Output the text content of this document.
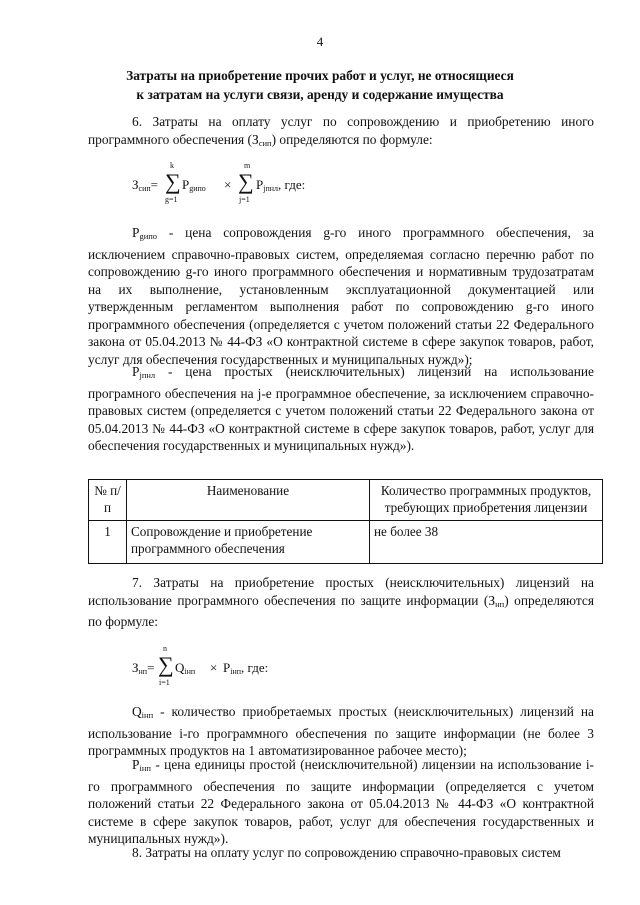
4
Затраты на приобретение прочих работ и услуг, не относящиеся
к затратам на услуги связи, аренду и содержание имущества
6. Затраты на оплату услуг по сопровождению и приобретению иного программного обеспечения $(З_{сип})$ определяются по формуле:
$З_{сип}=$
k
∑
g=1
$P_{gипо}$ ×
m
∑
j=1
$P_{jпнл}$, где:
$P_{gипо}$ - цена сопровождения g-го иного программного обеспечения, за исключением справочно-правовых систем, определяемая согласно перечню работ по сопровождению g-го иного программного обеспечения и нормативным трудозатратам на их выполнение, установленным эксплуатационной документацией или утвержденным регламентом выполнения работ по сопровождению g-го иного программного обеспечения (определяется с учетом положений статьи 22 Федерального закона от 05.04.2013 № 44-ФЗ «О контрактной системе в сфере закупок товаров, работ, услуг для обеспечения государственных и муниципальных нужд»);
$P_{jпнл}$ - цена простых (неисключительных) лицензий на использование програмного обеспечения на j-е программное обеспечение, за исключением справочно-правовых систем (определяется с учетом положений статьи 22 Федерального закона от 05.04.2013 № 44-ФЗ «О контрактной системе в сфере закупок товаров, работ, услуг для обеспечения государственных и муниципальных нужд»).
№ п/п	Наименование	Количество программных продуктов, требующих приобретения лицензии
1	Сопровождение и приобретение программного обеспечения	не более 38
7. Затраты на приобретение простых (неисключительных) лицензий на использование программного обеспечения по защите информации $(З_{нп})$ определяются по формуле:
$З_{нп}=$
n
∑
i=1
$Q_{iнп} \times P_{iнп}$, где:
$Q_{iнп}$ - количество приобретаемых простых (неисключительных) лицензий на использование i-го программного обеспечения по защите информации (не более 3 программных продуктов на 1 автоматизированное рабочее место);
$P_{iнп}$ - цена единицы простой (неисключительной) лицензии на использование i-го программного обеспечения по защите информации (определяется с учетом положений статьи 22 Федерального закона от 05.04.2013 № 44-ФЗ «О контрактной системе в сфере закупок товаров, работ, услуг для обеспечения государственных и муниципальных нужд»).
8. Затраты на оплату услуг по сопровождению справочно-правовых систем
